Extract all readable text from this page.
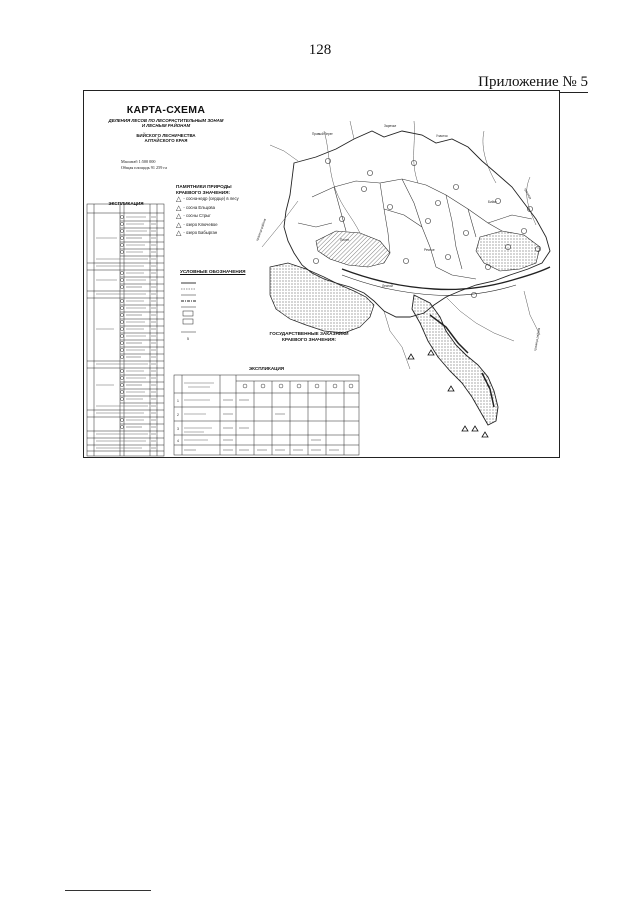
128
Приложение № 5
Правый берег
Заречье
Участок
Бийск
Лесной
Речное
Плотн.
граница района
граница
граница района
5
1
2
3
4
КАРТА-СХЕМА
ДЕЛЕНИЯ ЛЕСОВ ПО ЛЕСОРАСТИТЕЛЬНЫМ ЗОНАМ
И ЛЕСНЫМ РАЙОНАМ
БИЙСКОГО ЛЕСНИЧЕСТВА
АЛТАЙСКОГО КРАЯ
Масштаб 1:500 000
Общая площадь 91 259 га
ЭКСПЛИКАЦИЯ
ПАМЯТНИКИ ПРИРОДЫ
КРАЕВОГО ЗНАЧЕНИЯ:
△ - сосна-кедр (сердце) в лесу
△ - сосна Ельцова
△ - сосны Стрыг
△ - озеро Ключевое
△ - озеро Бабырган
УСЛОВНЫЕ ОБОЗНАЧЕНИЯ
ГОСУДАРСТВЕННЫЕ ЗАКАЗНИКИ
КРАЕВОГО ЗНАЧЕНИЯ:
ЭКСПЛИКАЦИЯ
